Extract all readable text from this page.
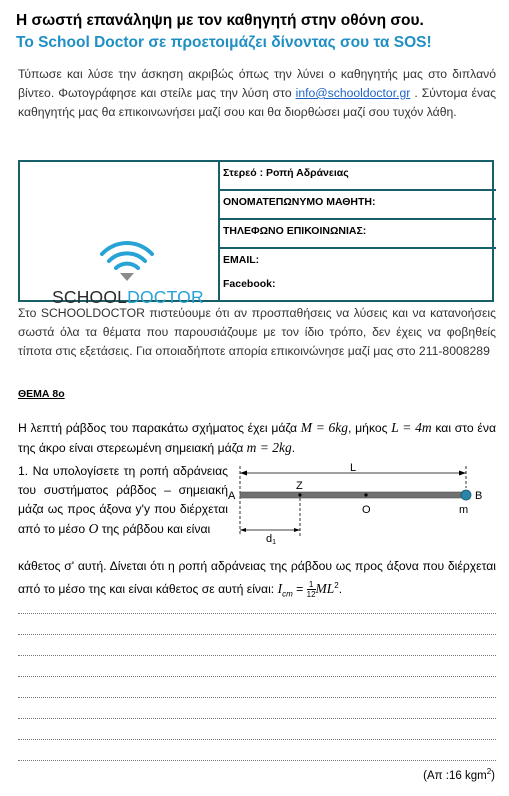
Η σωστή επανάληψη με τον καθηγητή στην οθόνη σου.
Το School Doctor σε προετοιμάζει δίνοντας σου τα SOS!
Τύπωσε και λύσε την άσκηση ακριβώς όπως την λύνει ο καθηγητής μας στο διπλανό βίντεο. Φωτογράφησε και στείλε μας την λύση στο info@schooldoctor.gr . Σύντομα ένας καθηγητής μας θα επικοινωνήσει μαζί σου και θα διορθώσει μαζί σου τυχόν λάθη.
SCHOOLDOCTOR
Στερεό : Ροπή Αδράνειας
ΟΝΟΜΑΤΕΠΩΝΥΜΟ ΜΑΘΗΤΗ:
ΤΗΛΕΦΩΝΟ ΕΠΙΚΟΙΝΩΝΙΑΣ:
EMAIL:
Facebook:
Στο SCHOOLDOCTOR πιστεύουμε ότι αν προσπαθήσεις να λύσεις και να κατανοήσεις σωστά όλα τα θέματα που παρουσιάζουμε με τον ίδιο τρόπο, δεν έχεις να φοβηθείς τίποτα στις εξετάσεις. Για οποιαδήποτε απορία επικοινώνησε μαζί μας στο 211-8008289
ΘΕΜΑ 8ο
Η λεπτή ράβδος του παρακάτω σχήματος έχει μάζα M = 6kg, μήκος L = 4m και στο ένα της άκρο είναι στερεωμένη σημειακή μάζα m = 2kg.
1. Να υπολογίσετε τη ροπή αδράνειας του συστήματος ράβδος – σημειακή μάζα ως προς άξονα y'y που διέρχεται από το μέσο O της ράβδου και είναι
L
A	B
Z
O	m
d1
κάθετος σ' αυτή. Δίνεται ότι η ροπή αδράνειας της ράβδου ως προς άξονα που διέρχεται από το μέσο της και είναι κάθετος σε αυτή είναι: $I_{cm} = \frac{1}{12} ML^2$.
(Απ :16 kgm$^2$)
